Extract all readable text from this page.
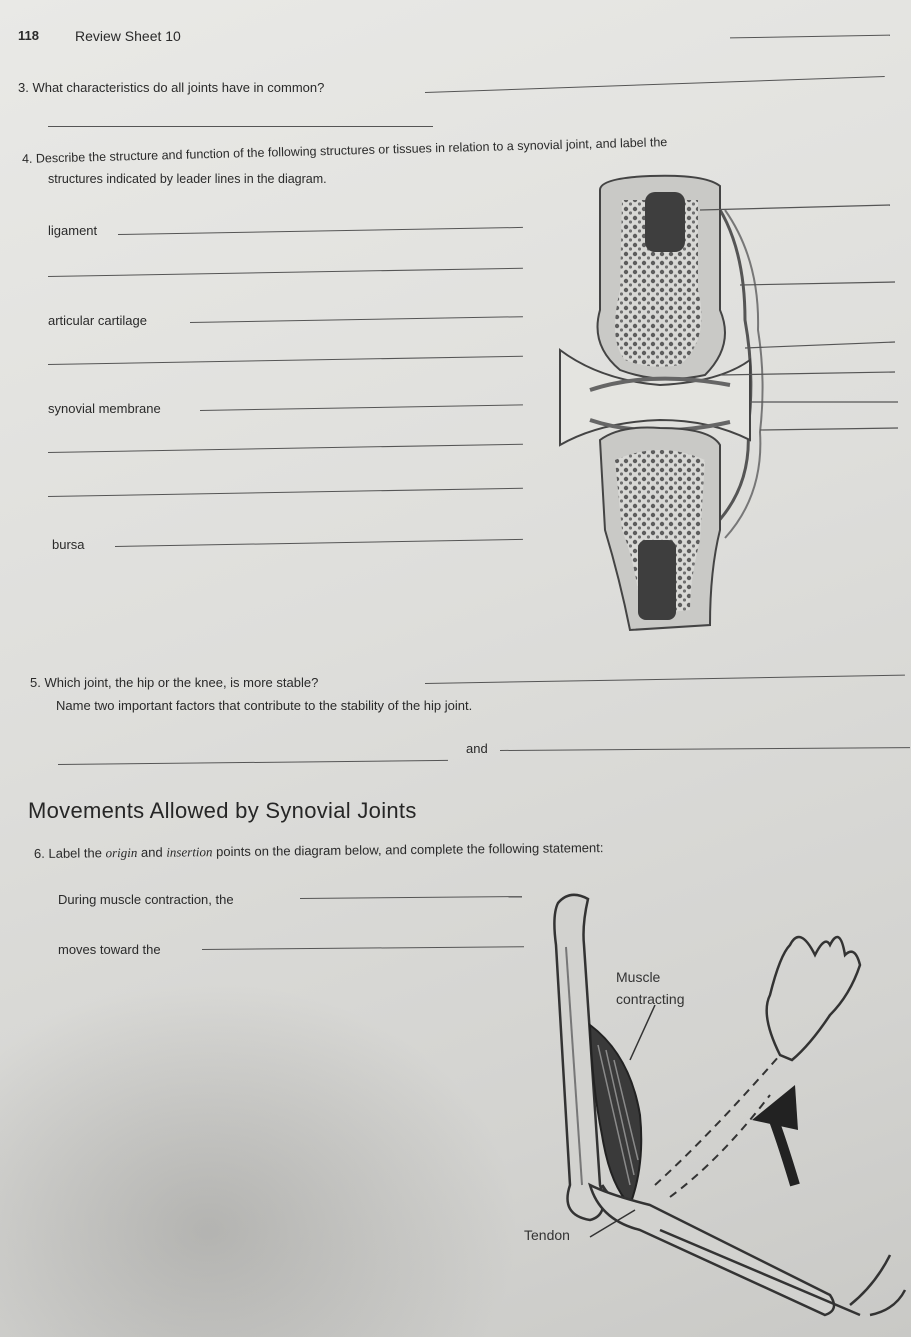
118	Review Sheet 10
3. What characteristics do all joints have in common?
4. Describe the structure and function of the following structures or tissues in relation to a synovial joint, and label the
structures indicated by leader lines in the diagram.
ligament
articular cartilage
synovial membrane
bursa
5. Which joint, the hip or the knee, is more stable?
Name two important factors that contribute to the stability of the hip joint.
and
Movements Allowed by Synovial Joints
6. Label the origin and insertion points on the diagram below, and complete the following statement:
During muscle contraction, the
moves toward the
Muscle
contracting
Tendon
